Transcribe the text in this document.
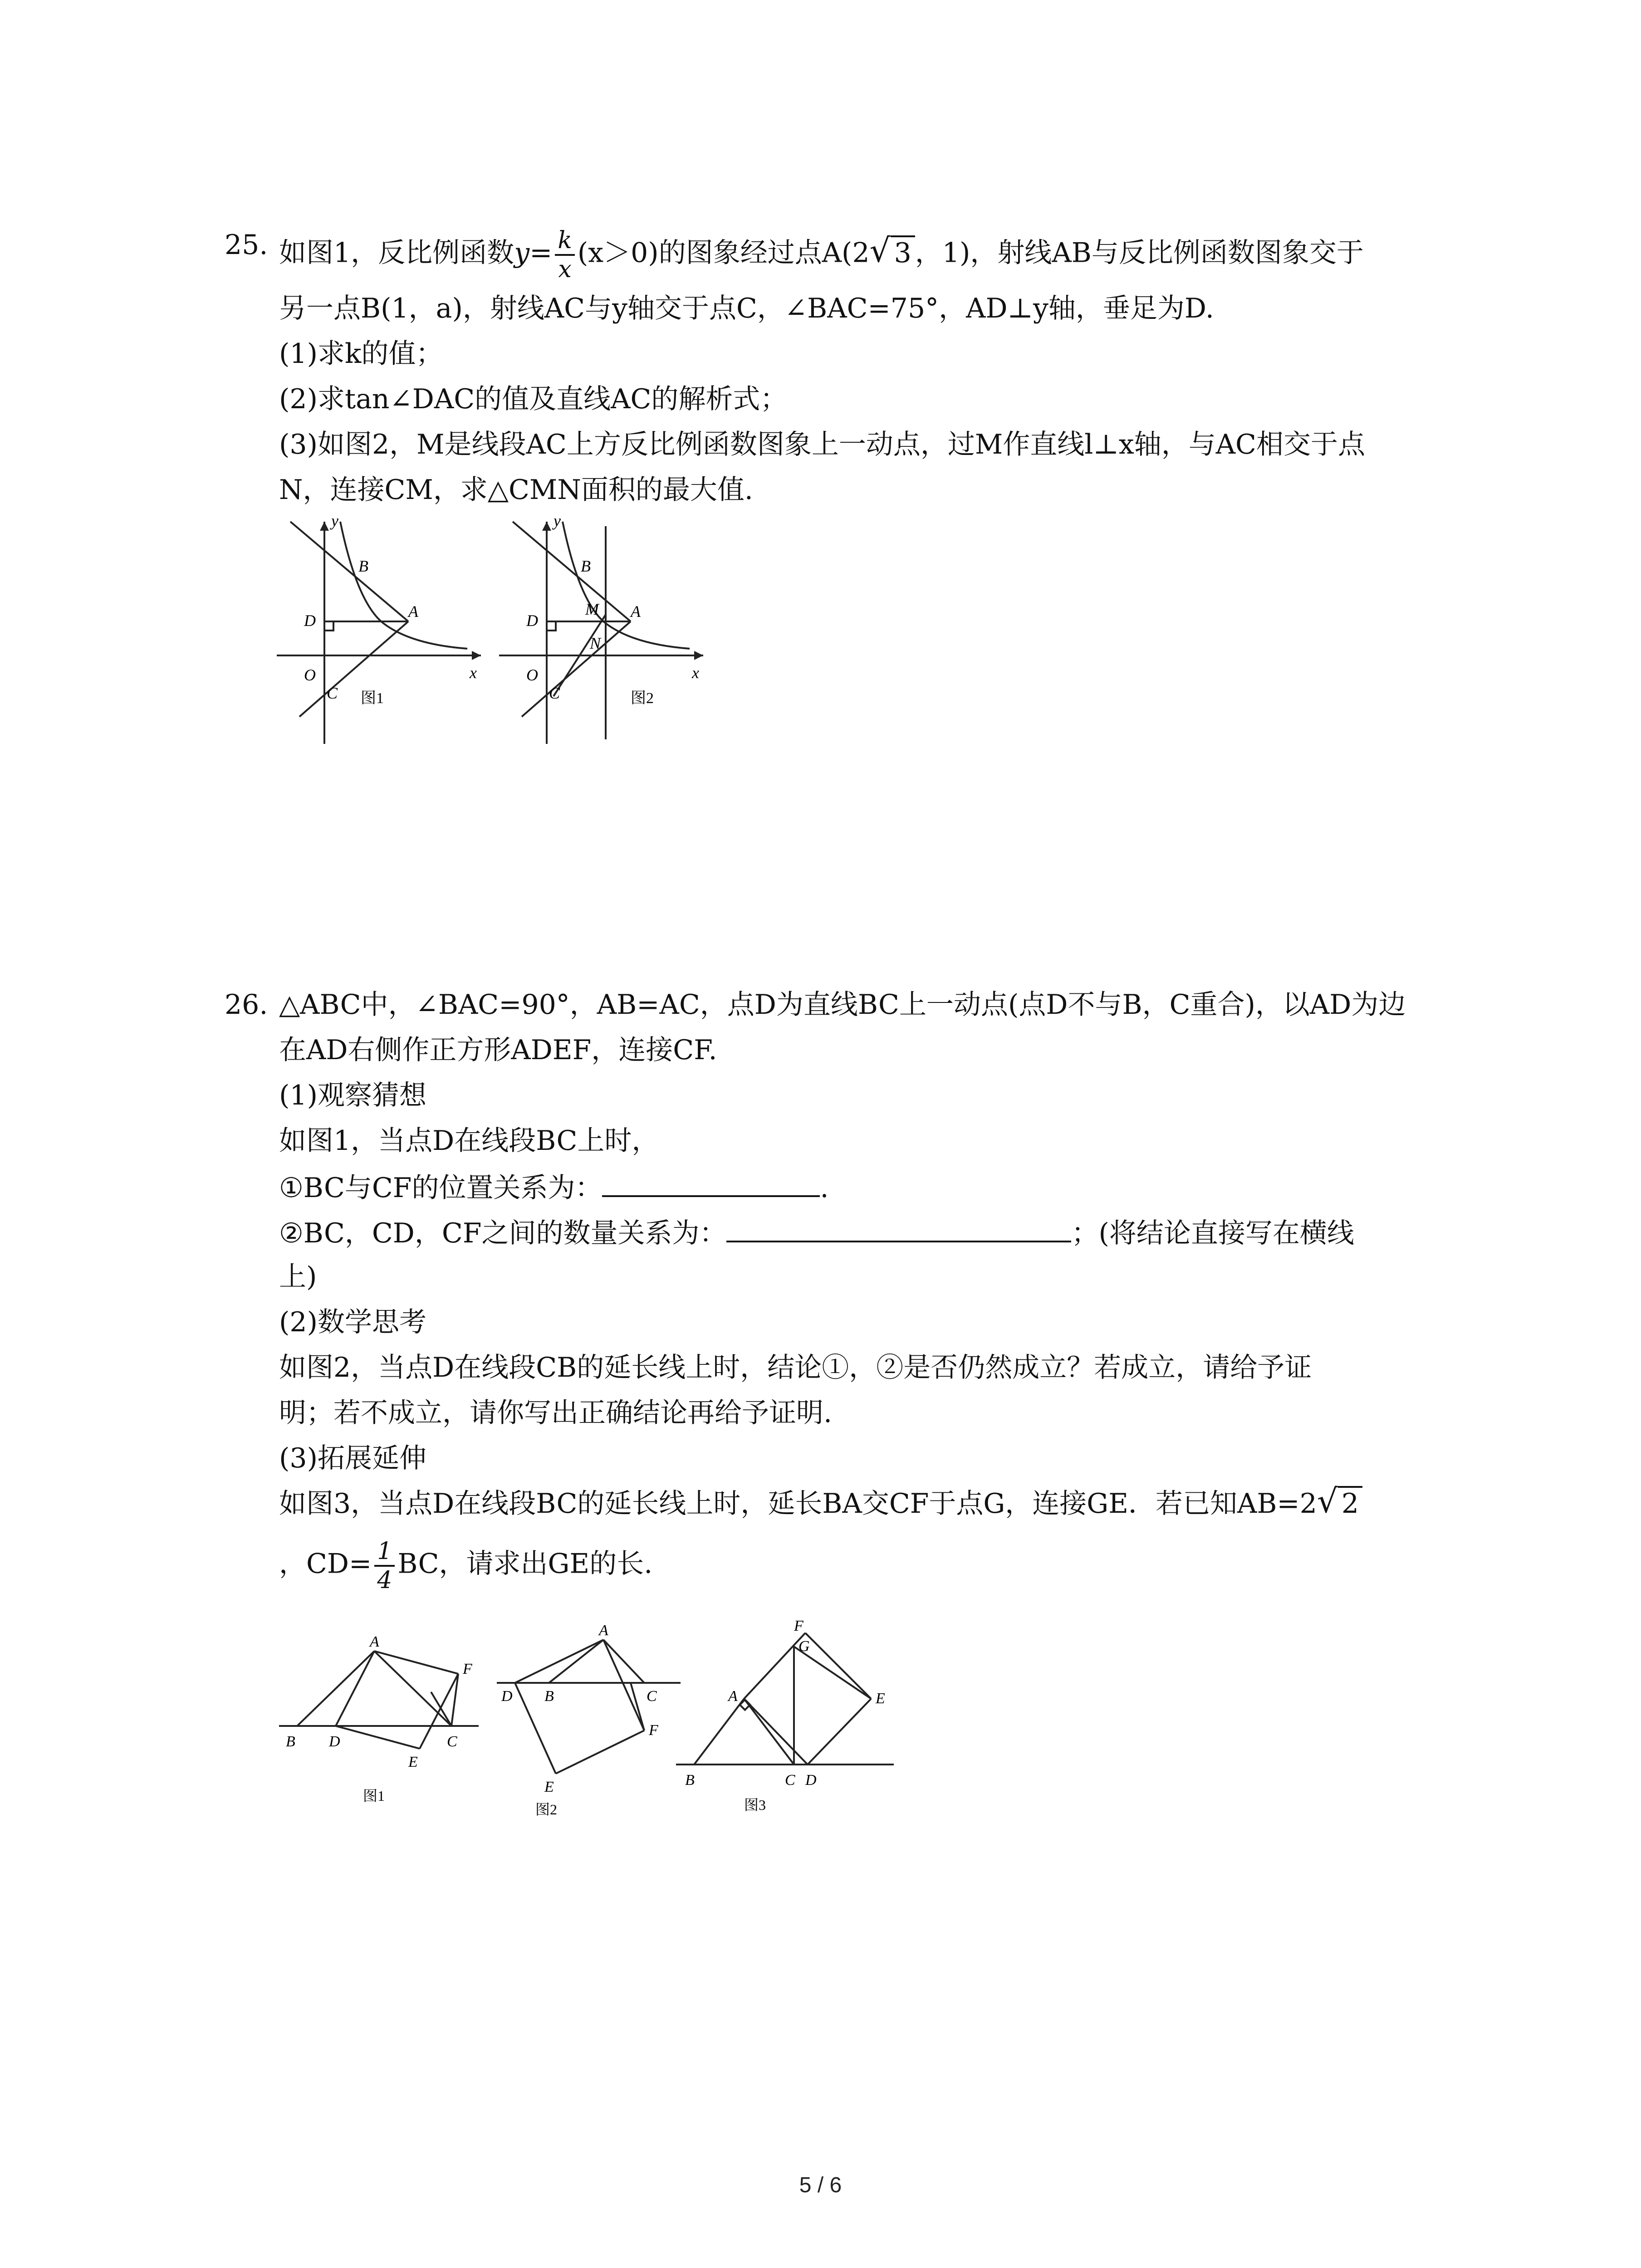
25. 如图1，反比例函数$y= \frac{k}{x} (x>0)$的图象经过点A(2 √ 3 ，1)，射线AB与反比例函数图象交于
另一点B(1，a)，射线AC与y轴交于点C，∠BAC=75°，AD⊥y轴，垂足为D.
(1)求k的值；
(2)求tan∠DAC的值及直线AC的解析式；
(3)如图2，M是线段AC上方反比例函数图象上一动点，过M作直线l⊥x轴，与AC相交于点
N，连接CM，求△CMN面积的最大值.
y
x
B
A
D
O
C 图1
y
x
B
M A
D
N
O
C	图2
26. △ABC中，∠BAC=90°，AB=AC，点D为直线BC上一动点(点D不与B，C重合)，以AD为边
在AD右侧作正方形ADEF，连接CF.
(1)观察猜想
如图1，当点D在线段BC上时，
①BC与CF的位置关系为：	.
②BC，CD，CF之间的数量关系为：	；(将结论直接写在横线
上)
(2)数学思考
如图2，当点D在线段CB的延长线上时，结论①，②是否仍然成立？若成立，请给予证
明；若不成立，请你写出正确结论再给予证明.
(3)拓展延伸
如图3，当点D在线段BC的延长线上时，延长BA交CF于点G，连接GE．若已知AB=2 √ 2
，$CD= \frac{1}{4}$ BC，请求出GE的长.
A
F
B D	C
E
图1
A
D B	C
F
E
图2
F
G
E
A
B	C D
图3
5 / 6
